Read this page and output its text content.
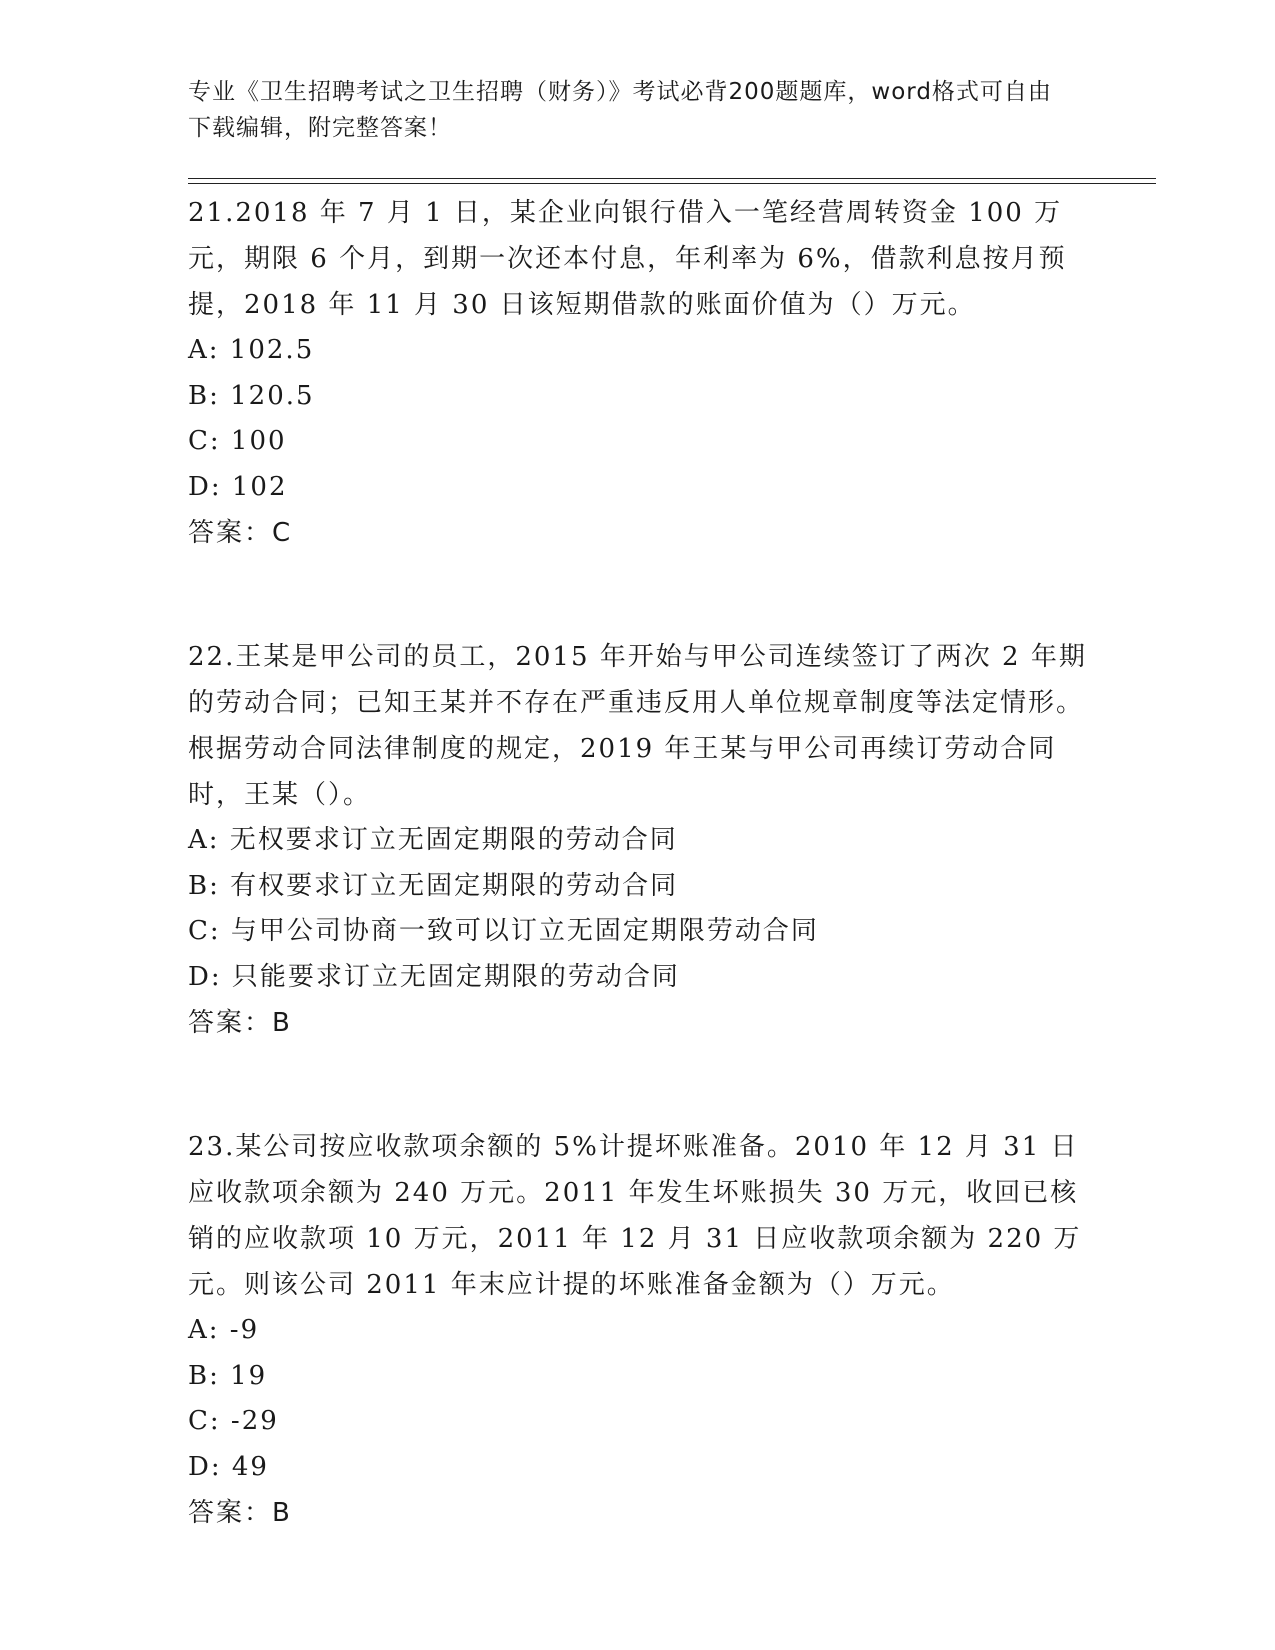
专业《卫生招聘考试之卫生招聘（财务）》考试必背200题题库，word格式可自由下载编辑，附完整答案！

21.2018 年 7 月 1 日，某企业向银行借入一笔经营周转资金 100 万元，期限 6 个月，到期一次还本付息，年利率为 6%，借款利息按月预提，2018 年 11 月 30 日该短期借款的账面价值为（）万元。

A: 102.5

B: 120.5

C: 100

D: 102

答案：C

22.王某是甲公司的员工，2015 年开始与甲公司连续签订了两次 2 年期的劳动合同；已知王某并不存在严重违反用人单位规章制度等法定情形。根据劳动合同法律制度的规定，2019 年王某与甲公司再续订劳动合同时，王某（）。

A: 无权要求订立无固定期限的劳动合同

B: 有权要求订立无固定期限的劳动合同

C: 与甲公司协商一致可以订立无固定期限劳动合同

D: 只能要求订立无固定期限的劳动合同

答案：B

23.某公司按应收款项余额的 5%计提坏账准备。2010 年 12 月 31 日应收款项余额为 240 万元。2011 年发生坏账损失 30 万元，收回已核销的应收款项 10 万元，2011 年 12 月 31 日应收款项余额为 220 万元。则该公司 2011 年末应计提的坏账准备金额为（）万元。

A: -9

B: 19

C: -29

D: 49

答案：B
